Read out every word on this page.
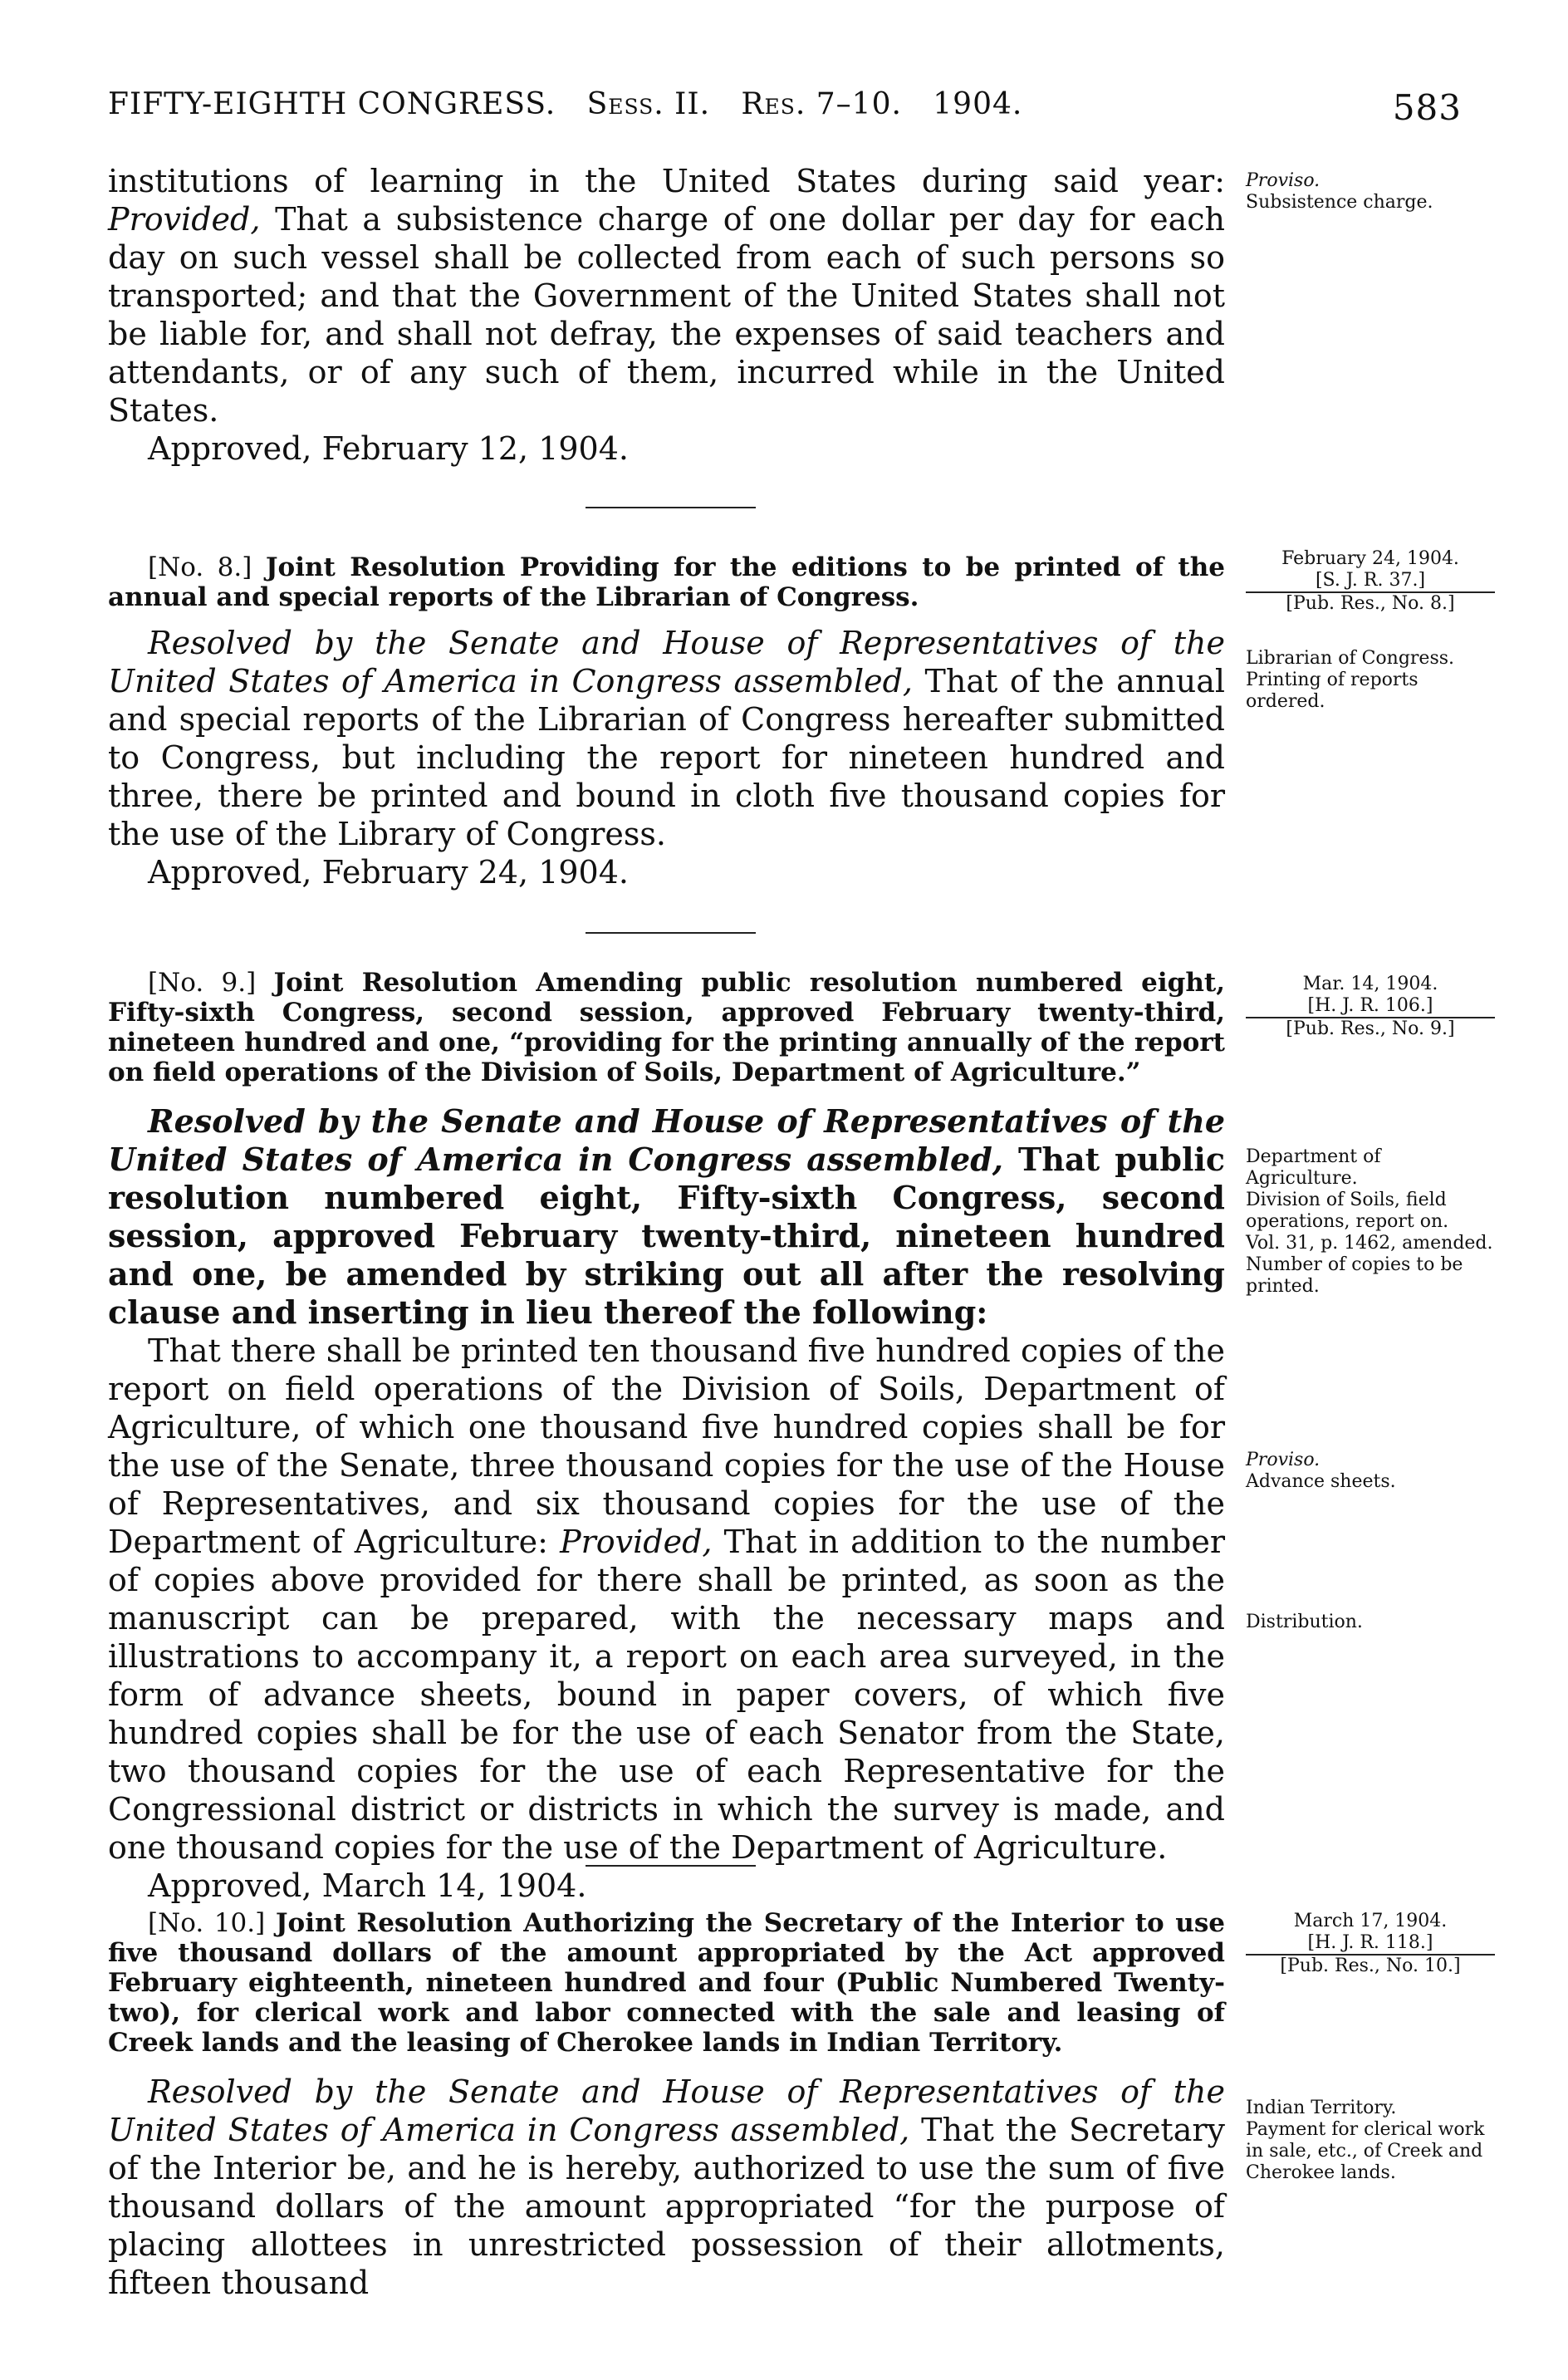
FIFTY-EIGHTH CONGRESS. Sess. II. Res. 7–10. 1904.	583

institutions of learning in the United States during said year: Provided, That a subsistence charge of one dollar per day for each day on such vessel shall be collected from each of such persons so transported; and that the Government of the United States shall not be liable for, and shall not defray, the expenses of said teachers and attendants, or of any such of them, incurred while in the United States.

Approved, February 12, 1904.

Proviso.
Subsistence charge.

[No. 8.] Joint Resolution Providing for the editions to be printed of the annual and special reports of the Librarian of Congress.

Resolved by the Senate and House of Representatives of the United States of America in Congress assembled, That of the annual and special reports of the Librarian of Congress hereafter submitted to Congress, but including the report for nineteen hundred and three, there be printed and bound in cloth five thousand copies for the use of the Library of Congress.

Approved, February 24, 1904.

February 24, 1904.
[S. J. R. 37.]
[Pub. Res., No. 8.]
Librarian of Congress.
Printing of reports ordered.

[No. 9.] Joint Resolution Amending public resolution numbered eight, Fifty-sixth Congress, second session, approved February twenty-third, nineteen hundred and one, “providing for the printing annually of the report on field operations of the Division of Soils, Department of Agriculture.”

Resolved by the Senate and House of Representatives of the United States of America in Congress assembled, That public resolution numbered eight, Fifty-sixth Congress, second session, approved February twenty-third, nineteen hundred and one, be amended by striking out all after the resolving clause and inserting in lieu thereof the following:

That there shall be printed ten thousand five hundred copies of the report on field operations of the Division of Soils, Department of Agriculture, of which one thousand five hundred copies shall be for the use of the Senate, three thousand copies for the use of the House of Representatives, and six thousand copies for the use of the Department of Agriculture: Provided, That in addition to the number of copies above provided for there shall be printed, as soon as the manuscript can be prepared, with the necessary maps and illustrations to accompany it, a report on each area surveyed, in the form of advance sheets, bound in paper covers, of which five hundred copies shall be for the use of each Senator from the State, two thousand copies for the use of each Representative for the Congressional district or districts in which the survey is made, and one thousand copies for the use of the Department of Agriculture.

Approved, March 14, 1904.

Mar. 14, 1904.
[H. J. R. 106.]
[Pub. Res., No. 9.]
Department of Agriculture.
Division of Soils, field operations, report on.
Vol. 31, p. 1462, amended.
Number of copies to be printed.
Proviso.
Advance sheets.
Distribution.

[No. 10.] Joint Resolution Authorizing the Secretary of the Interior to use five thousand dollars of the amount appropriated by the Act approved February eighteenth, nineteen hundred and four (Public Numbered Twenty-two), for clerical work and labor connected with the sale and leasing of Creek lands and the leasing of Cherokee lands in Indian Territory.

Resolved by the Senate and House of Representatives of the United States of America in Congress assembled, That the Secretary of the Interior be, and he is hereby, authorized to use the sum of five thousand dollars of the amount appropriated “for the purpose of placing allottees in unrestricted possession of their allotments, fifteen thousand

March 17, 1904.
[H. J. R. 118.]
[Pub. Res., No. 10.]
Indian Territory.
Payment for clerical work in sale, etc., of Creek and Cherokee lands.
